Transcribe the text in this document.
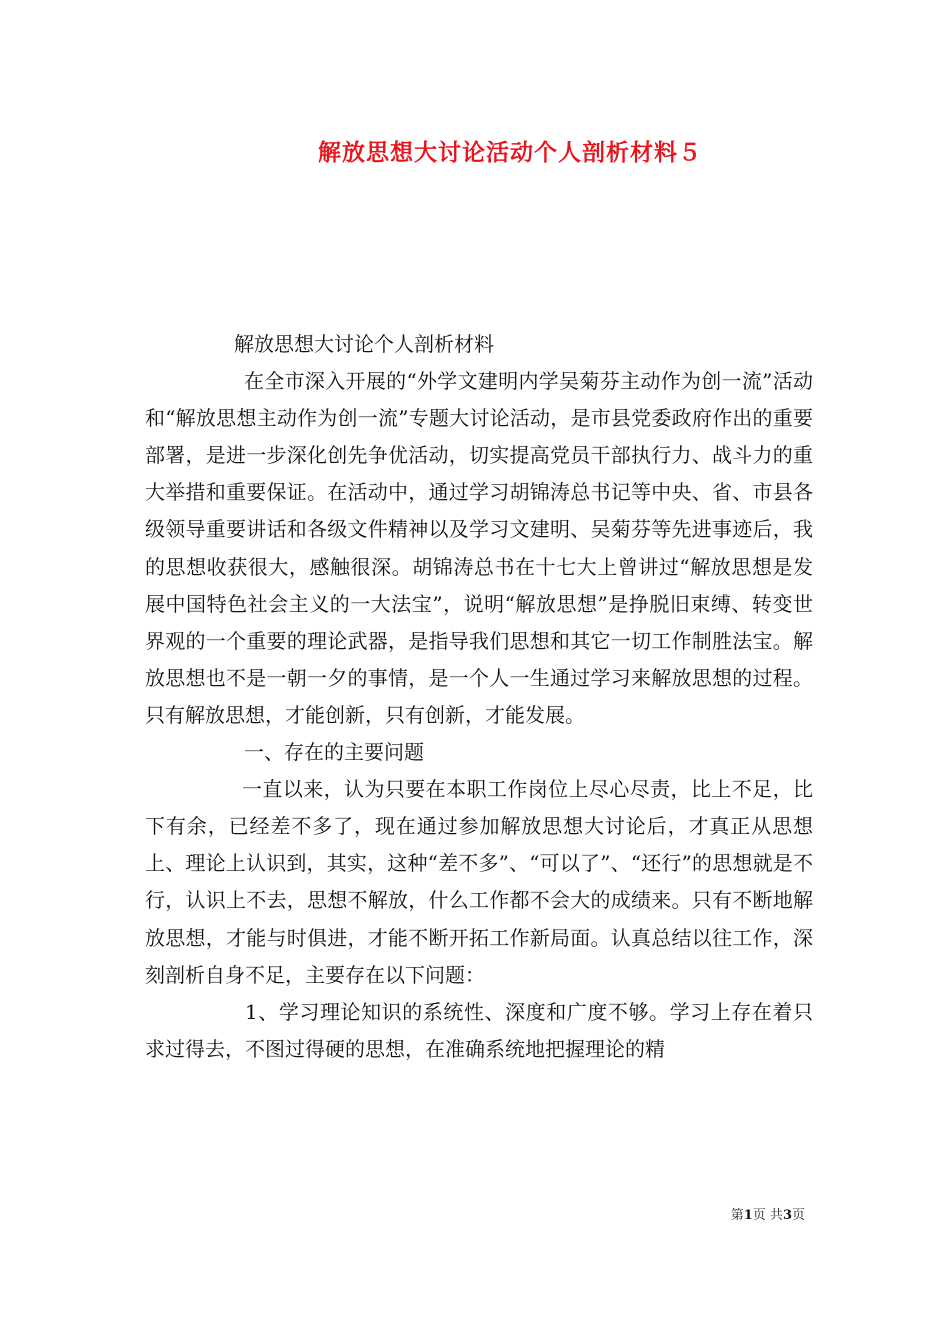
解放思想大讨论活动个人剖析材料５

解放思想大讨论个人剖析材料

在全市深入开展的“外学文建明内学吴菊芬主动作为创一流”活动和“解放思想主动作为创一流”专题大讨论活动，是市县党委政府作出的重要部署，是进一步深化创先争优活动，切实提高党员干部执行力、战斗力的重大举措和重要保证。在活动中，通过学习胡锦涛总书记等中央、省、市县各级领导重要讲话和各级文件精神以及学习文建明、吴菊芬等先进事迹后，我的思想收获很大，感触很深。胡锦涛总书在十七大上曾讲过“解放思想是发展中国特色社会主义的一大法宝”，说明“解放思想”是挣脱旧束缚、转变世界观的一个重要的理论武器，是指导我们思想和其它一切工作制胜法宝。解放思想也不是一朝一夕的事情，是一个人一生通过学习来解放思想的过程。只有解放思想，才能创新，只有创新，才能发展。

一、存在的主要问题

一直以来，认为只要在本职工作岗位上尽心尽责，比上不足，比下有余，已经差不多了，现在通过参加解放思想大讨论后，才真正从思想上、理论上认识到，其实，这种“差不多”、“可以了”、“还行”的思想就是不行，认识上不去，思想不解放，什么工作都不会大的成绩来。只有不断地解放思想，才能与时俱进，才能不断开拓工作新局面。认真总结以往工作，深刻剖析自身不足，主要存在以下问题：

1、学习理论知识的系统性、深度和广度不够。学习上存在着只求过得去，不图过得硬的思想，在准确系统地把握理论的精

第1页 共3页
